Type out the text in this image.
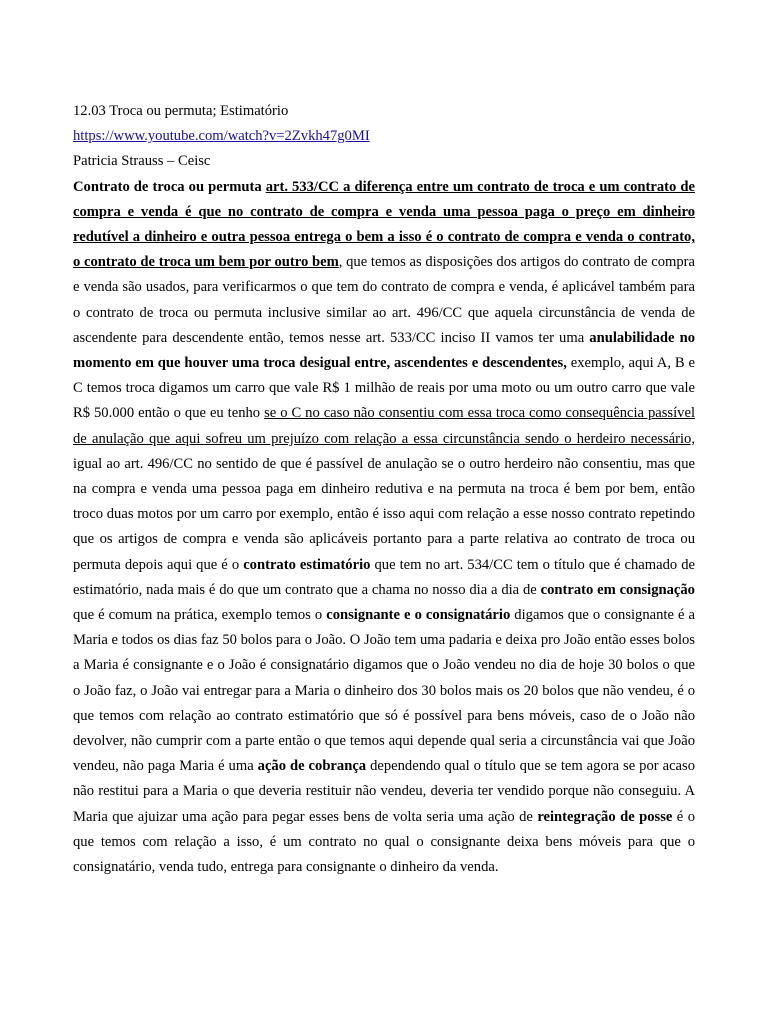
12.03 Troca ou permuta; Estimatório

https://www.youtube.com/watch?v=2Zvkh47g0MI

Patricia Strauss – Ceisc

Contrato de troca ou permuta art. 533/CC a diferença entre um contrato de troca e um contrato de compra e venda é que no contrato de compra e venda uma pessoa paga o preço em dinheiro redutível a dinheiro e outra pessoa entrega o bem a isso é o contrato de compra e venda o contrato, o contrato de troca um bem por outro bem, que temos as disposições dos artigos do contrato de compra e venda são usados, para verificarmos o que tem do contrato de compra e venda, é aplicável também para o contrato de troca ou permuta inclusive similar ao art. 496/CC que aquela circunstância de venda de ascendente para descendente então, temos nesse art. 533/CC inciso II vamos ter uma anulabilidade no momento em que houver uma troca desigual entre, ascendentes e descendentes, exemplo, aqui A, B e C temos troca digamos um carro que vale R$ 1 milhão de reais por uma moto ou um outro carro que vale R$ 50.000 então o que eu tenho se o C no caso não consentiu com essa troca como consequência passível de anulação que aqui sofreu um prejuízo com relação a essa circunstância sendo o herdeiro necessário, igual ao art. 496/CC no sentido de que é passível de anulação se o outro herdeiro não consentiu, mas que na compra e venda uma pessoa paga em dinheiro redutiva e na permuta na troca é bem por bem, então troco duas motos por um carro por exemplo, então é isso aqui com relação a esse nosso contrato repetindo que os artigos de compra e venda são aplicáveis portanto para a parte relativa ao contrato de troca ou permuta depois aqui que é o contrato estimatório que tem no art. 534/CC tem o título que é chamado de estimatório, nada mais é do que um contrato que a chama no nosso dia a dia de contrato em consignação que é comum na prática, exemplo temos o consignante e o consignatário digamos que o consignante é a Maria e todos os dias faz 50 bolos para o João. O João tem uma padaria e deixa pro João então esses bolos a Maria é consignante e o João é consignatário digamos que o João vendeu no dia de hoje 30 bolos o que o João faz, o João vai entregar para a Maria o dinheiro dos 30 bolos mais os 20 bolos que não vendeu, é o que temos com relação ao contrato estimatório que só é possível para bens móveis, caso de o João não devolver, não cumprir com a parte então o que temos aqui depende qual seria a circunstância vai que João vendeu, não paga Maria é uma ação de cobrança dependendo qual o título que se tem agora se por acaso não restitui para a Maria o que deveria restituir não vendeu, deveria ter vendido porque não conseguiu. A Maria que ajuizar uma ação para pegar esses bens de volta seria uma ação de reintegração de posse é o que temos com relação a isso, é um contrato no qual o consignante deixa bens móveis para que o consignatário, venda tudo, entrega para consignante o dinheiro da venda.
